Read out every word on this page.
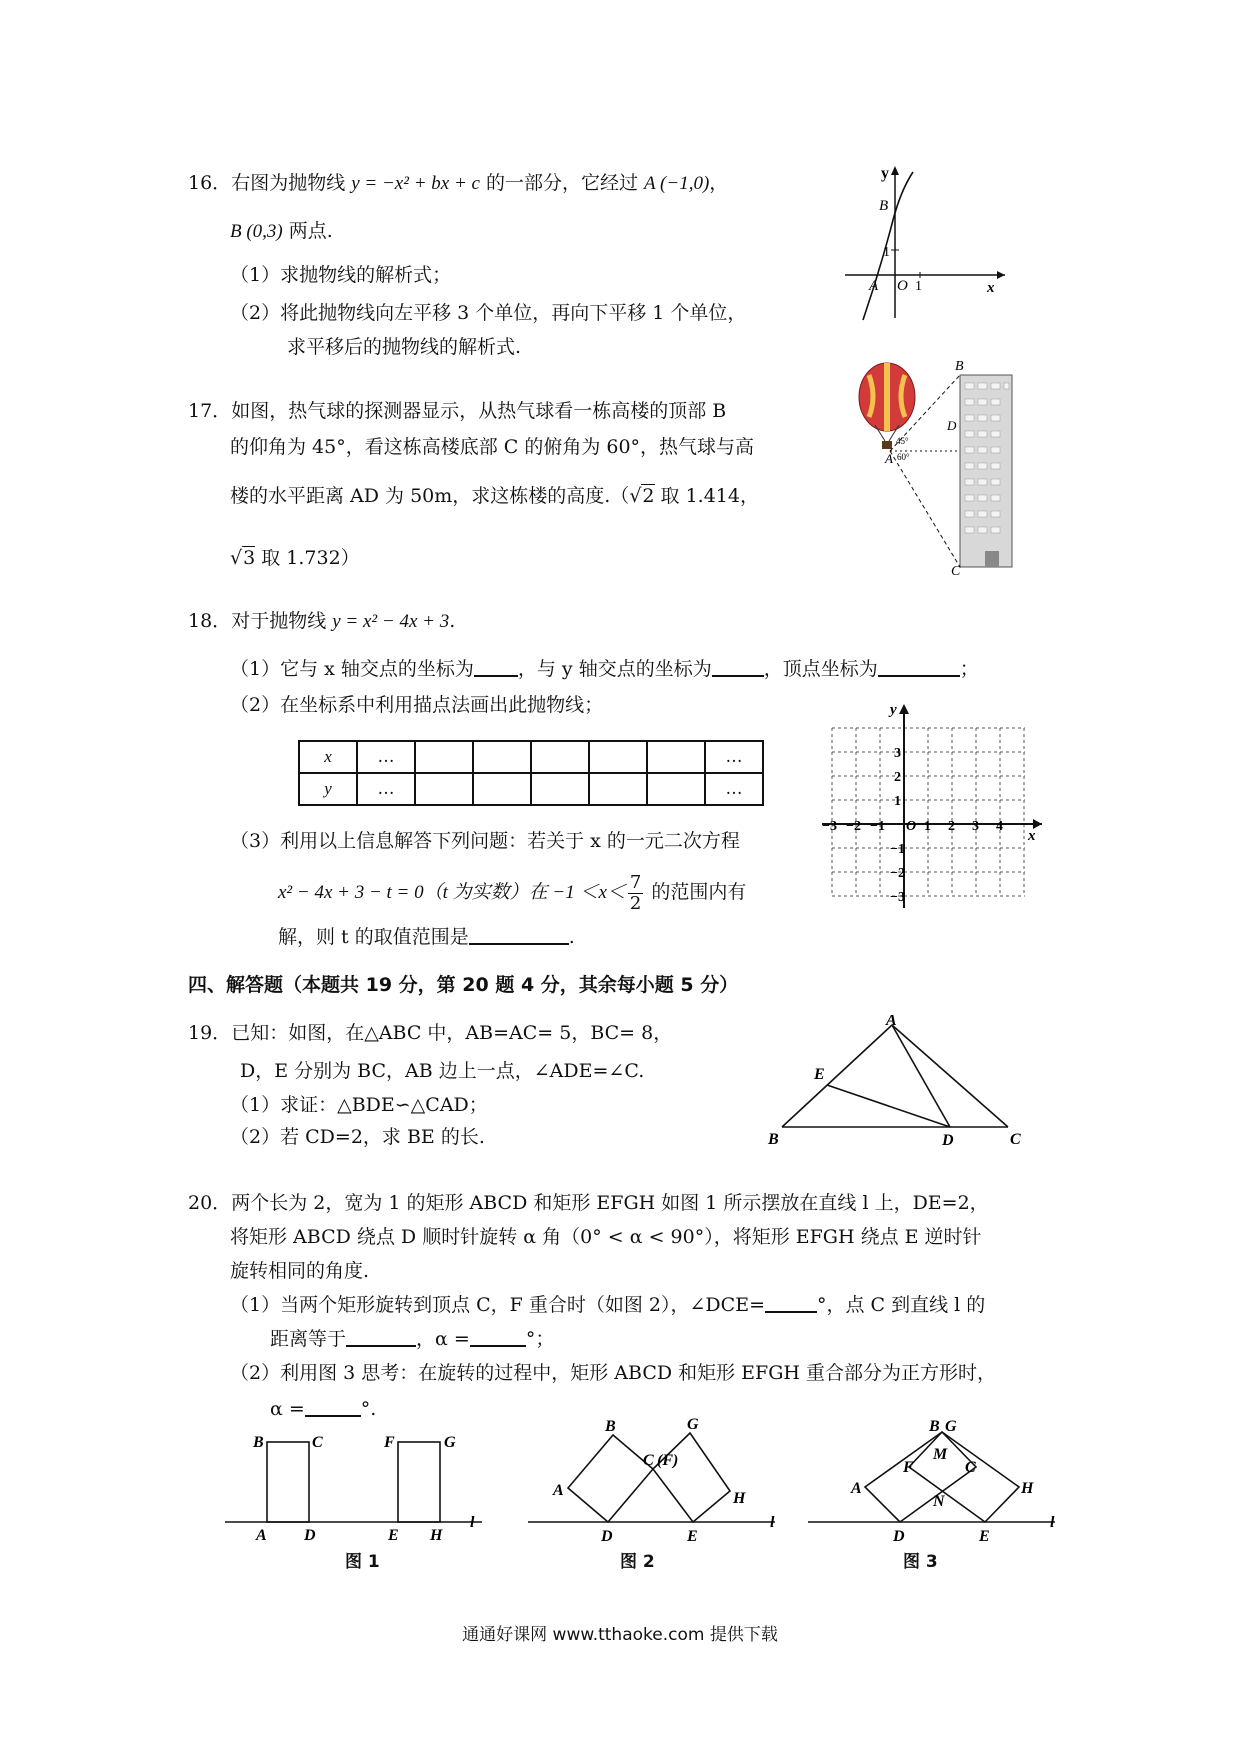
16．右图为抛物线 y = −x² + bx + c 的一部分，它经过 A (−1,0)，
B (0,3) 两点.
（1）求抛物线的解析式；
（2）将此抛物线向左平移 3 个单位，再向下平移 1 个单位，
求平移后的抛物线的解析式.
y
B
1
A O 1	x
17．如图，热气球的探测器显示，从热气球看一栋高楼的顶部 B
的仰角为 45°，看这栋高楼底部 C 的俯角为 60°，热气球与高
楼的水平距离 AD 为 50m，求这栋楼的高度.（√2 取 1.414，
√3 取 1.732）
45°
60°
A
D
B
C
18．对于抛物线 y = x² − 4x + 3.
（1）它与 x 轴交点的坐标为 ，与 y 轴交点的坐标为	，顶点坐标为	；
（2）在坐标系中利用描点法画出此抛物线；
x	…						…
y	…						…
（3）利用以上信息解答下列问题：若关于 x 的一元二次方程
x² − 4x + 3 − t = 0（t 为实数）在 $-1 <x< \frac{7}{2}$ 的范围内有
解，则 t 的取值范围是	.
y
x
−3 −2 −1 O 1 2 3 4
3
2
1
−1
−2
−3
四、解答题（本题共 19 分，第 20 题 4 分，其余每小题 5 分）
19．已知：如图，在△ABC 中，AB=AC= 5，BC= 8，
D，E 分别为 BC，AB 边上一点，∠ADE=∠C.
（1）求证：△BDE∽△CAD；
（2）若 CD=2，求 BE 的长.
A
B	C
D
E
20．两个长为 2，宽为 1 的矩形 ABCD 和矩形 EFGH 如图 1 所示摆放在直线 l 上，DE=2，
将矩形 ABCD 绕点 D 顺时针旋转 α 角（0° < α < 90°），将矩形 EFGH 绕点 E 逆时针
旋转相同的角度.
（1）当两个矩形旋转到顶点 C，F 重合时（如图 2），∠DCE=	°，点 C 到直线 l 的
距离等于	，α =	°；
（2）利用图 3 思考：在旋转的过程中，矩形 ABCD 和矩形 EFGH 重合部分为正方形时，
α =	°.
B	C
A D
F	G
E H
l
图 1
B
C (F)
G
A	H
D	E
l
图 2
B G
M
F	C
N
A	H
D	E
l
图 3
通通好课网 www.tthaoke.com 提供下载
